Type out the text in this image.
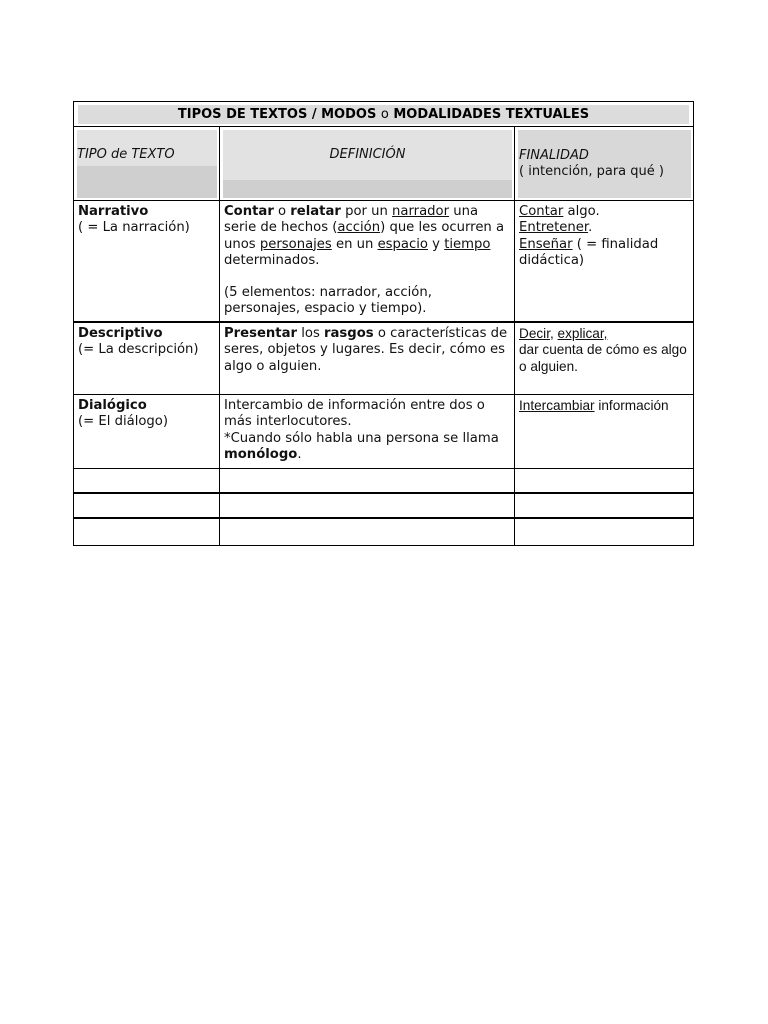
TIPOS DE TEXTOS / MODOS o MODALIDADES TEXTUALES
TIPO de TEXTO	DEFINICIÓN	FINALIDAD
( intención, para qué )
Narrativo
( = La narración)
Contar o relatar por un narrador una serie de hechos (acción) que les ocurren a unos personajes en un espacio y tiempo determinados.
(5 elementos: narrador, acción, personajes, espacio y tiempo).
Contar algo.
Entretener.
Enseñar ( = finalidad didáctica)
Descriptivo
(= La descripción)
Presentar los rasgos o características de seres, objetos y lugares. Es decir, cómo es algo o alguien.
Decir, explicar,
dar cuenta de cómo es algo o alguien.
Dialógico
(= El diálogo)
Intercambio de información entre dos o más interlocutores.
*Cuando sólo habla una persona se llama monólogo.
Intercambiar información
